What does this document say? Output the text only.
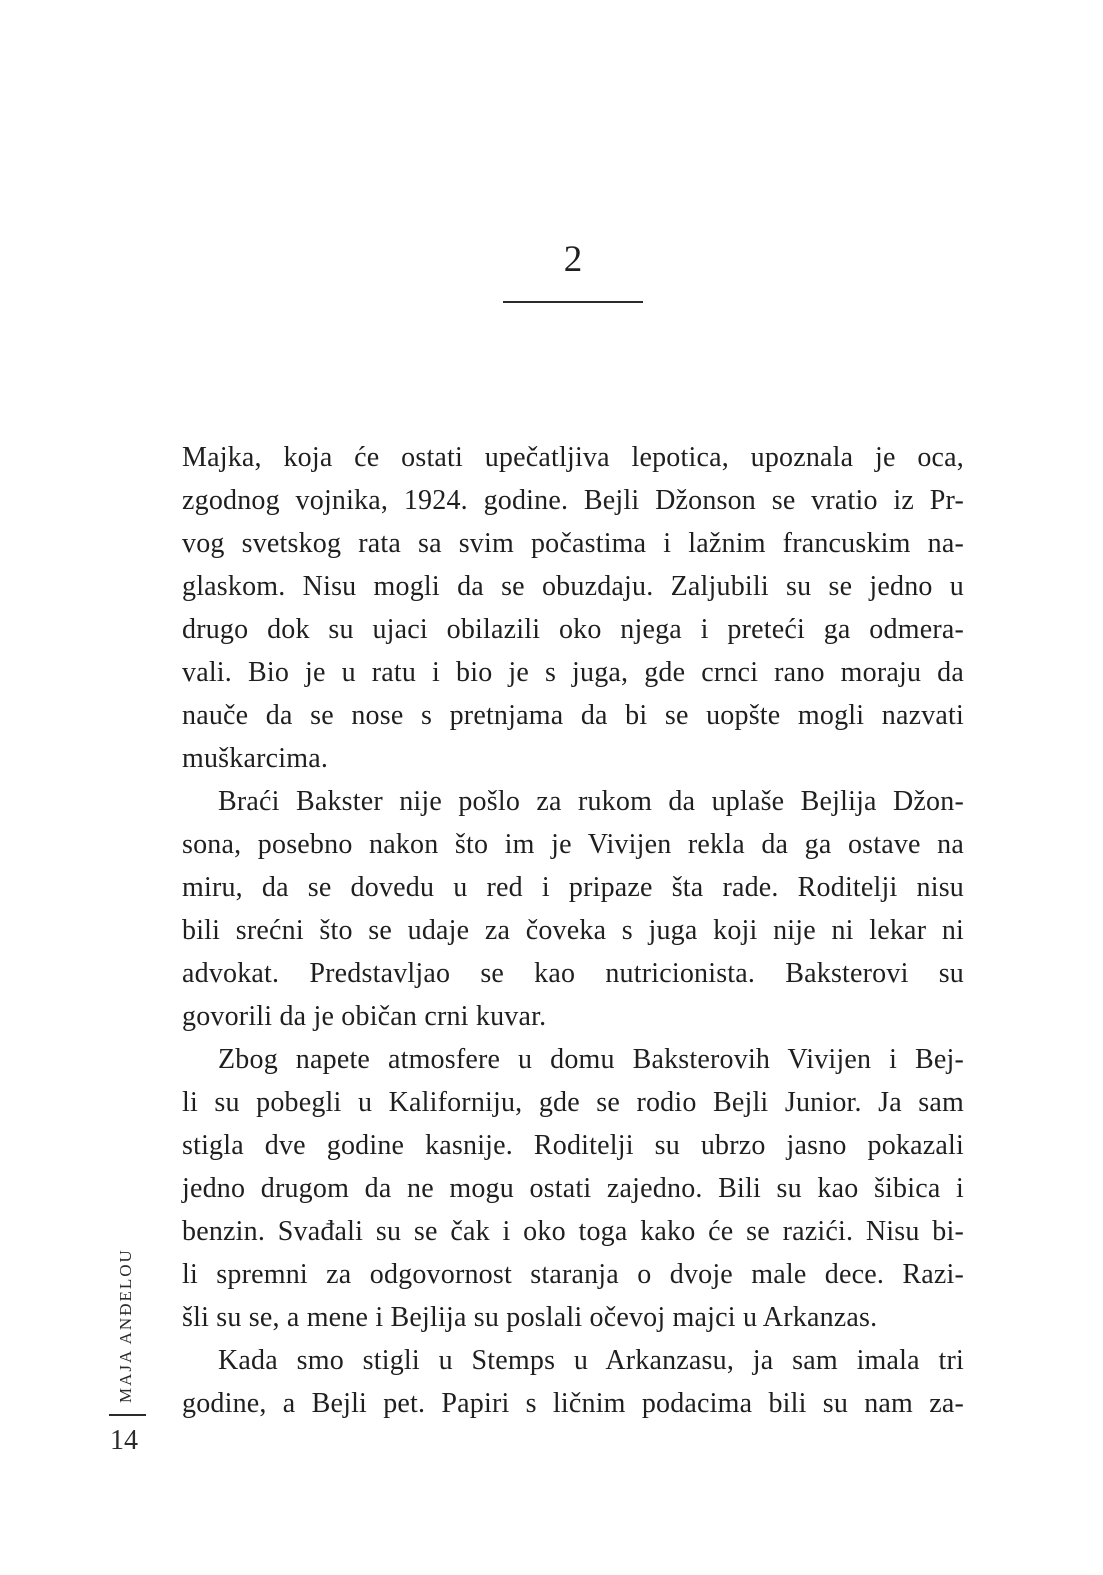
2
Majka, koja će ostati upečatljiva lepotica, upoznala je oca,
zgodnog vojnika, 1924. godine. Bejli Džonson se vratio iz Pr-
vog svetskog rata sa svim počastima i lažnim francuskim na-
glaskom. Nisu mogli da se obuzdaju. Zaljubili su se jedno u
drugo dok su ujaci obilazili oko njega i preteći ga odmera-
vali. Bio je u ratu i bio je s juga, gde crnci rano moraju da
nauče da se nose s pretnjama da bi se uopšte mogli nazvati
muškarcima.
Braći Bakster nije pošlo za rukom da uplaše Bejlija Džon-
sona, posebno nakon što im je Vivijen rekla da ga ostave na
miru, da se dovedu u red i pripaze šta rade. Roditelji nisu
bili srećni što se udaje za čoveka s juga koji nije ni lekar ni
advokat. Predstavljao se kao nutricionista. Baksterovi su
govorili da je običan crni kuvar.
Zbog napete atmosfere u domu Baksterovih Vivijen i Bej-
li su pobegli u Kaliforniju, gde se rodio Bejli Junior. Ja sam
stigla dve godine kasnije. Roditelji su ubrzo jasno pokazali
jedno drugom da ne mogu ostati zajedno. Bili su kao šibica i
benzin. Svađali su se čak i oko toga kako će se razići. Nisu bi-
li spremni za odgovornost staranja o dvoje male dece. Razi-
šli su se, a mene i Bejlija su poslali očevoj majci u Arkanzas.
Kada smo stigli u Stemps u Arkanzasu, ja sam imala tri
godine, a Bejli pet. Papiri s ličnim podacima bili su nam za-
MAJA ANĐELOU
14
